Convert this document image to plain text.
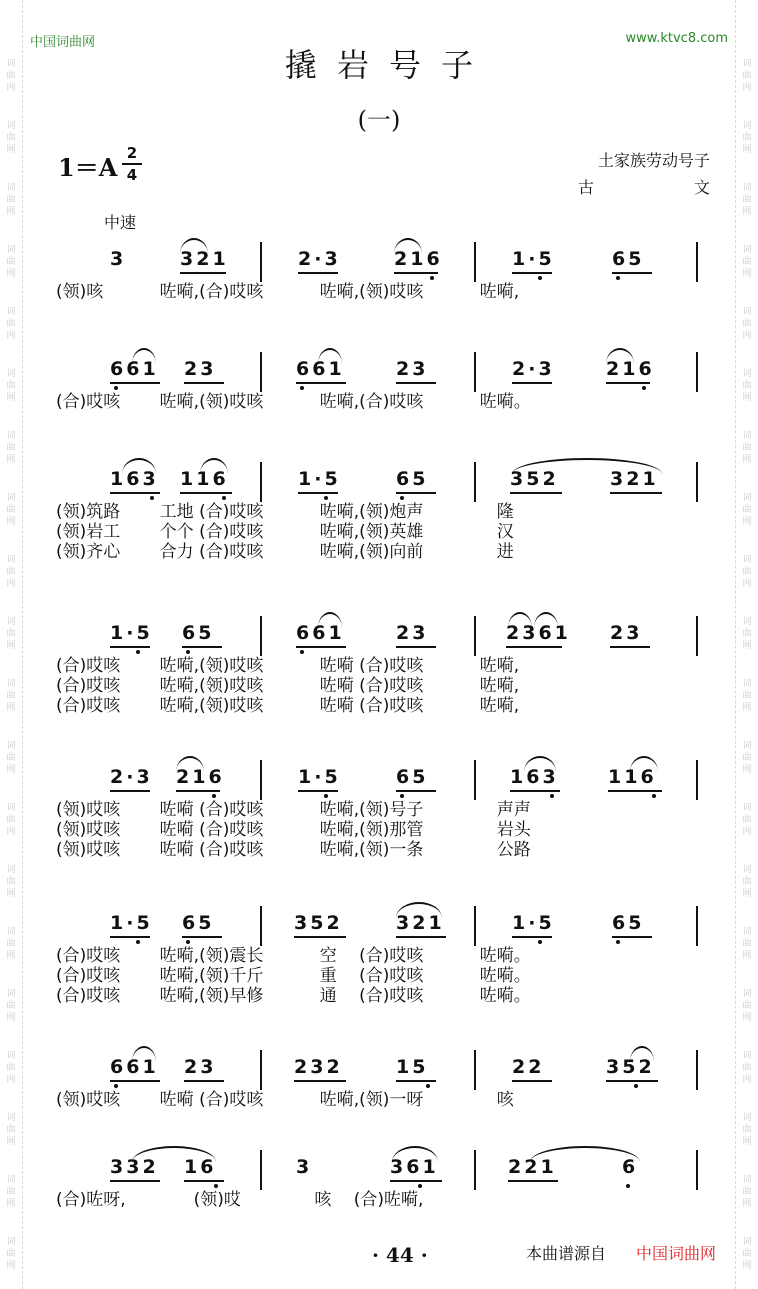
词
曲
网
词
曲
网
词
曲
网
词
曲
网
词
曲
网
词
曲
网
词
曲
网
词
曲
网
词
曲
网
词
曲
网
词
曲
网
词
曲
网
词
曲
网
词
曲
网
词
曲
网
词
曲
网
词
曲
网
词
曲
网
词
曲
网
词
曲
网
词
曲
网
词
曲
网
词
曲
网
词
曲
网
词
曲
网
词
曲
网
词
曲
网
词
曲
网
词
曲
网
词
曲
网
词
曲
网
词
曲
网
词
曲
网
词
曲
网
词
曲
网
词
曲
网
词
曲
网
词
曲
网
词
曲
网
词
曲
网
中国词曲网	www.ktvc8.com
撬岩号子
(一)
1＝A 2
4
土家族劳动号子
古	文
中速
3	321	2·3	216	1·5	65
(领)咳　　　 咗嗬,(合)哎咳　　　 咗嗬,(领)哎咳　　　 咗嗬,
661 23	661	23	2·3	216
(合)哎咳　　 咗嗬,(领)哎咳　　　 咗嗬,(合)哎咳　　　 咗嗬。
163 116	1·5	65	352	321
(领)筑路　　 工地 (合)哎咳　　　 咗嗬,(领)炮声　　　　 隆
(领)岩工　　 个个 (合)哎咳　　　 咗嗬,(领)英雄　　　　 汉
(领)齐心　　 合力 (合)哎咳　　　 咗嗬,(领)向前　　　　 进
1·5 65	661	23	2361 23
(合)哎咳　　 咗嗬,(领)哎咳　　　 咗嗬 (合)哎咳　　　 咗嗬,
(合)哎咳　　 咗嗬,(领)哎咳　　　 咗嗬 (合)哎咳　　　 咗嗬,
(合)哎咳　　 咗嗬,(领)哎咳　　　 咗嗬 (合)哎咳　　　 咗嗬,
2·3 216	1·5	65	163	116
(领)哎咳　　 咗嗬 (合)哎咳　　　 咗嗬,(领)号子　　　　 声声
(领)哎咳　　 咗嗬 (合)哎咳　　　 咗嗬,(领)那管　　　　 岩头
(领)哎咳　　 咗嗬 (合)哎咳　　　 咗嗬,(领)一条　　　　 公路
1·5 65	352	321	1·5	65
(合)哎咳　　 咗嗬,(领)震长　　　 空　 (合)哎咳　　　 咗嗬。
(合)哎咳　　 咗嗬,(领)千斤　　　 重　 (合)哎咳　　　 咗嗬。
(合)哎咳　　 咗嗬,(领)早修　　　 通　 (合)哎咳　　　 咗嗬。
661 23	232	15	22	352
(领)哎咳　　 咗嗬 (合)哎咳　　　 咗嗬,(领)一呀　　　　 咳
332 16	3	361	221	6
(合)咗呀,　　　　(领)哎　　　　 咳　 (合)咗嗬,
· 44 ·	本曲谱源自 中国词曲网
